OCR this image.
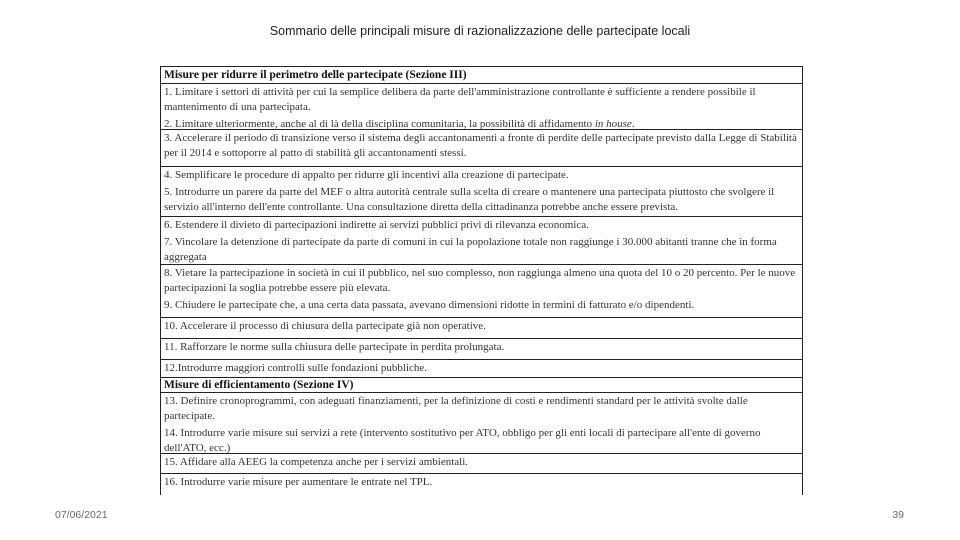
Sommario delle principali misure di razionalizzazione delle partecipate locali
Misure per ridurre il perimetro delle partecipate (Sezione III)

1. Limitare i settori di attività per cui la semplice delibera da parte dell'amministrazione controllante è sufficiente a rendere possibile il mantenimento di una partecipata.

2. Limitare ulteriormente, anche al di là della disciplina comunitaria, la possibilità di affidamento in house.

3. Accelerare il periodo di transizione verso il sistema degli accantonamenti a fronte di perdite delle partecipate previsto dalla Legge di Stabilità per il 2014 e sottoporre al patto di stabilità gli accantonamenti stessi.

4. Semplificare le procedure di appalto per ridurre gli incentivi alla creazione di partecipate.

5. Introdurre un parere da parte del MEF o altra autorità centrale sulla scelta di creare o mantenere una partecipata piuttosto che svolgere il servizio all'interno dell'ente controllante. Una consultazione diretta della cittadinanza potrebbe anche essere prevista.

6. Estendere il divieto di partecipazioni indirette ai servizi pubblici privi di rilevanza economica.

7. Vincolare la detenzione di partecipate da parte di comuni in cui la popolazione totale non raggiunge i 30.000 abitanti tranne che in forma aggregata

8. Vietare la partecipazione in società in cui il pubblico, nel suo complesso, non raggiunga almeno una quota del 10 o 20 percento. Per le nuove partecipazioni la soglia potrebbe essere più elevata.

9. Chiudere le partecipate che, a una certa data passata, avevano dimensioni ridotte in termini di fatturato e/o dipendenti.

10. Accelerare il processo di chiusura della partecipate già non operative.

11. Rafforzare le norme sulla chiusura delle partecipate in perdita prolungata.

12.Introdurre maggiori controlli sulle fondazioni pubbliche.

Misure di efficientamento (Sezione IV)

13. Definire cronoprogrammi, con adeguati finanziamenti, per la definizione di costi e rendimenti standard per le attività svolte dalle partecipate.

14. Introdurre varie misure sui servizi a rete (intervento sostitutivo per ATO, obbligo per gli enti locali di partecipare all'ente di governo dell'ATO, ecc.)

15. Affidare alla AEEG la competenza anche per i servizi ambientali.

16. Introdurre varie misure per aumentare le entrate nel TPL.

07/06/2021	39
